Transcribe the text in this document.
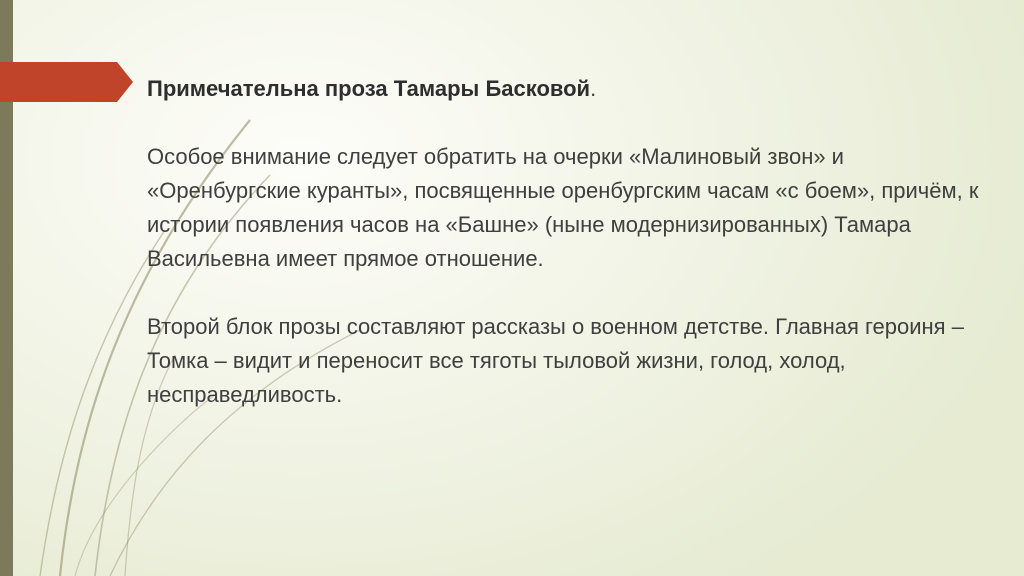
Примечательна проза Тамары Басковой.

Особое внимание следует обратить на очерки «Малиновый звон» и «Оренбургские куранты», посвященные оренбургским часам «с боем», причём, к истории появления часов на «Башне» (ныне модернизированных) Тамара Васильевна имеет прямое отношение.

Второй блок прозы составляют рассказы о военном детстве. Главная героиня – Томка – видит и переносит все тяготы тыловой жизни, голод, холод, несправедливость.
